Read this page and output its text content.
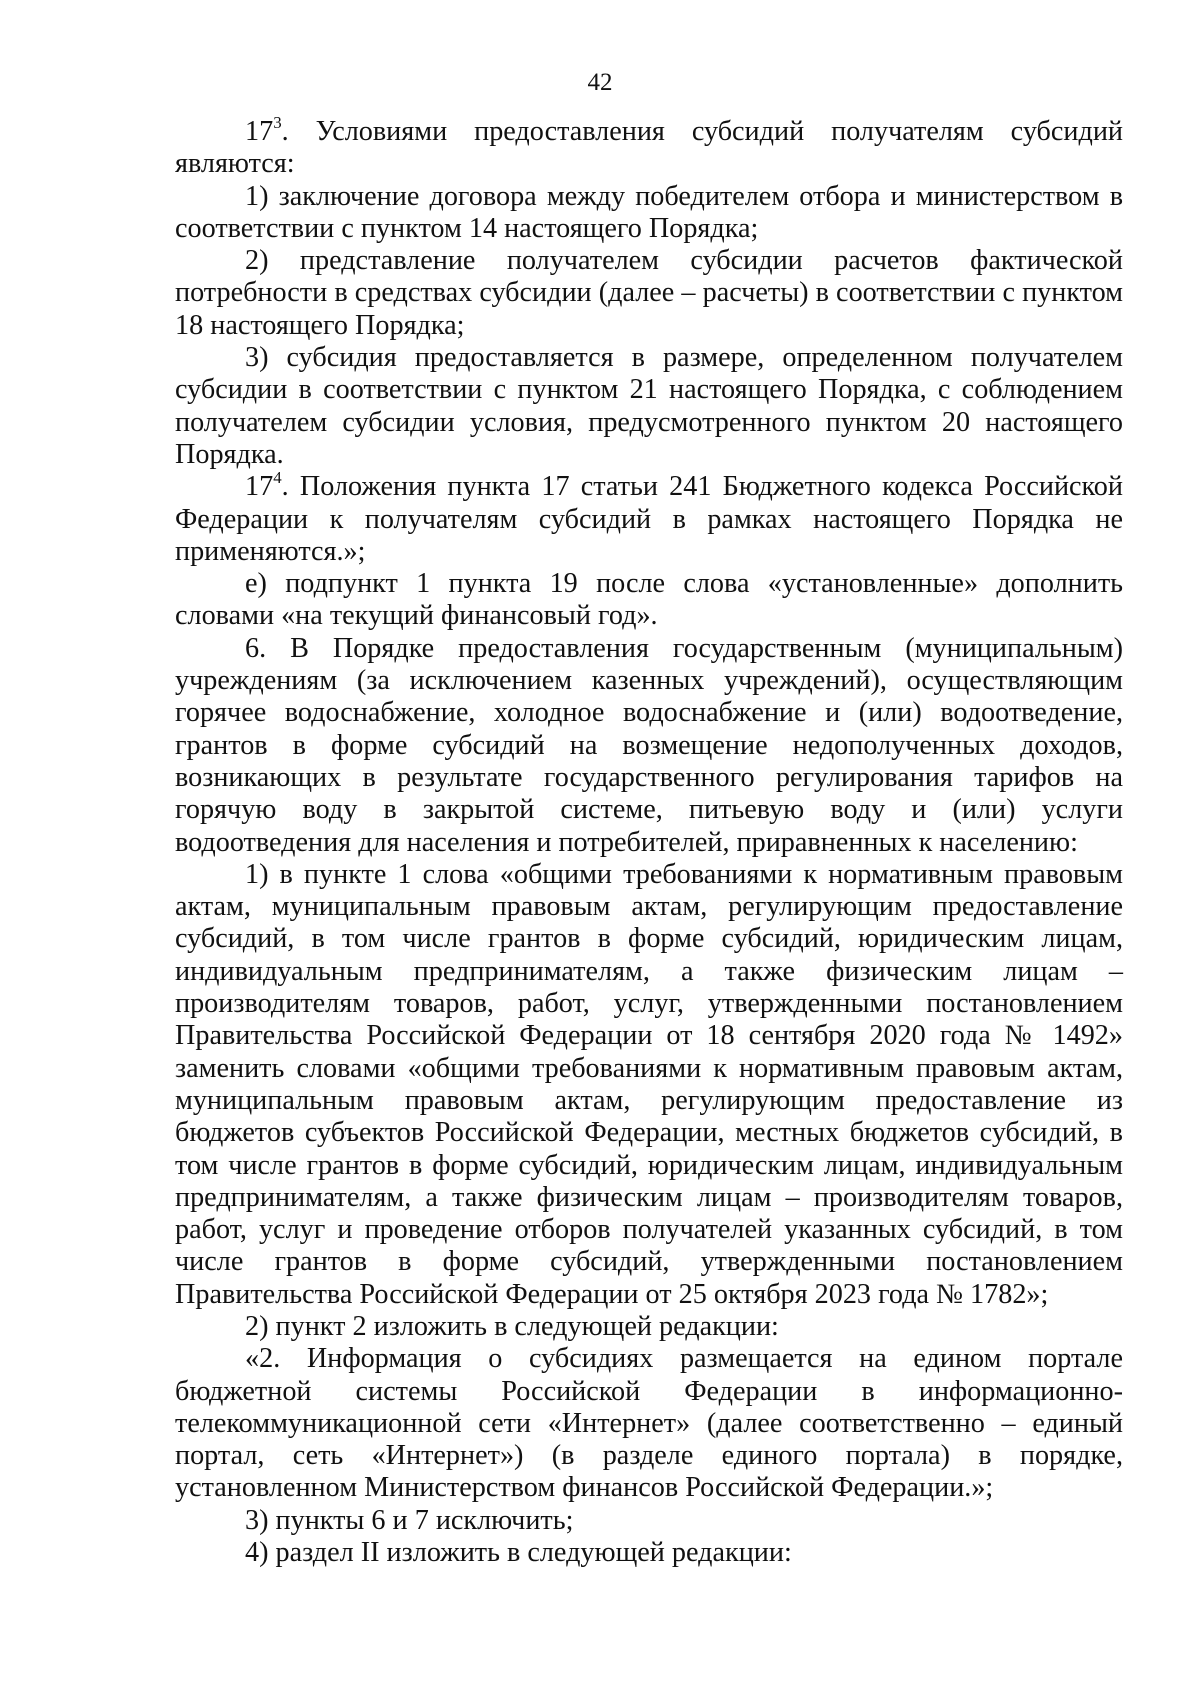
42

$17^3$. Условиями предоставления субсидий получателям субсидий являются:

1) заключение договора между победителем отбора и министерством в соответствии с пунктом 14 настоящего Порядка;

2) представление получателем субсидии расчетов фактической потребности в средствах субсидии (далее – расчеты) в соответствии с пунктом 18 настоящего Порядка;

3) субсидия предоставляется в размере, определенном получателем субсидии в соответствии с пунктом 21 настоящего Порядка, с соблюдением получателем субсидии условия, предусмотренного пунктом 20 настоящего Порядка.

$17^4$. Положения пункта 17 статьи 241 Бюджетного кодекса Российской Федерации к получателям субсидий в рамках настоящего Порядка не применяются.»;

е) подпункт 1 пункта 19 после слова «установленные» дополнить словами «на текущий финансовый год».

6. В Порядке предоставления государственным (муниципальным) учреждениям (за исключением казенных учреждений), осуществляющим горячее водоснабжение, холодное водоснабжение и (или) водоотведение, грантов в форме субсидий на возмещение недополученных доходов, возникающих в результате государственного регулирования тарифов на горячую воду в закрытой системе, питьевую воду и (или) услуги водоотведения для населения и потребителей, приравненных к населению:

1) в пункте 1 слова «общими требованиями к нормативным правовым актам, муниципальным правовым актам, регулирующим предоставление субсидий, в том числе грантов в форме субсидий, юридическим лицам, индивидуальным предпринимателям, а также физическим лицам – производителям товаров, работ, услуг, утвержденными постановлением Правительства Российской Федерации от 18 сентября 2020 года № 1492» заменить словами «общими требованиями к нормативным правовым актам, муниципальным правовым актам, регулирующим предоставление из бюджетов субъектов Российской Федерации, местных бюджетов субсидий, в том числе грантов в форме субсидий, юридическим лицам, индивидуальным предпринимателям, а также физическим лицам – производителям товаров, работ, услуг и проведение отборов получателей указанных субсидий, в том числе грантов в форме субсидий, утвержденными постановлением Правительства Российской Федерации от 25 октября 2023 года № 1782»;

2) пункт 2 изложить в следующей редакции:

«2. Информация о субсидиях размещается на едином портале бюджетной системы Российской Федерации в информационно-телекоммуникационной сети «Интернет» (далее соответственно – единый портал, сеть «Интернет») (в разделе единого портала) в порядке, установленном Министерством финансов Российской Федерации.»;

3) пункты 6 и 7 исключить;

4) раздел II изложить в следующей редакции:
